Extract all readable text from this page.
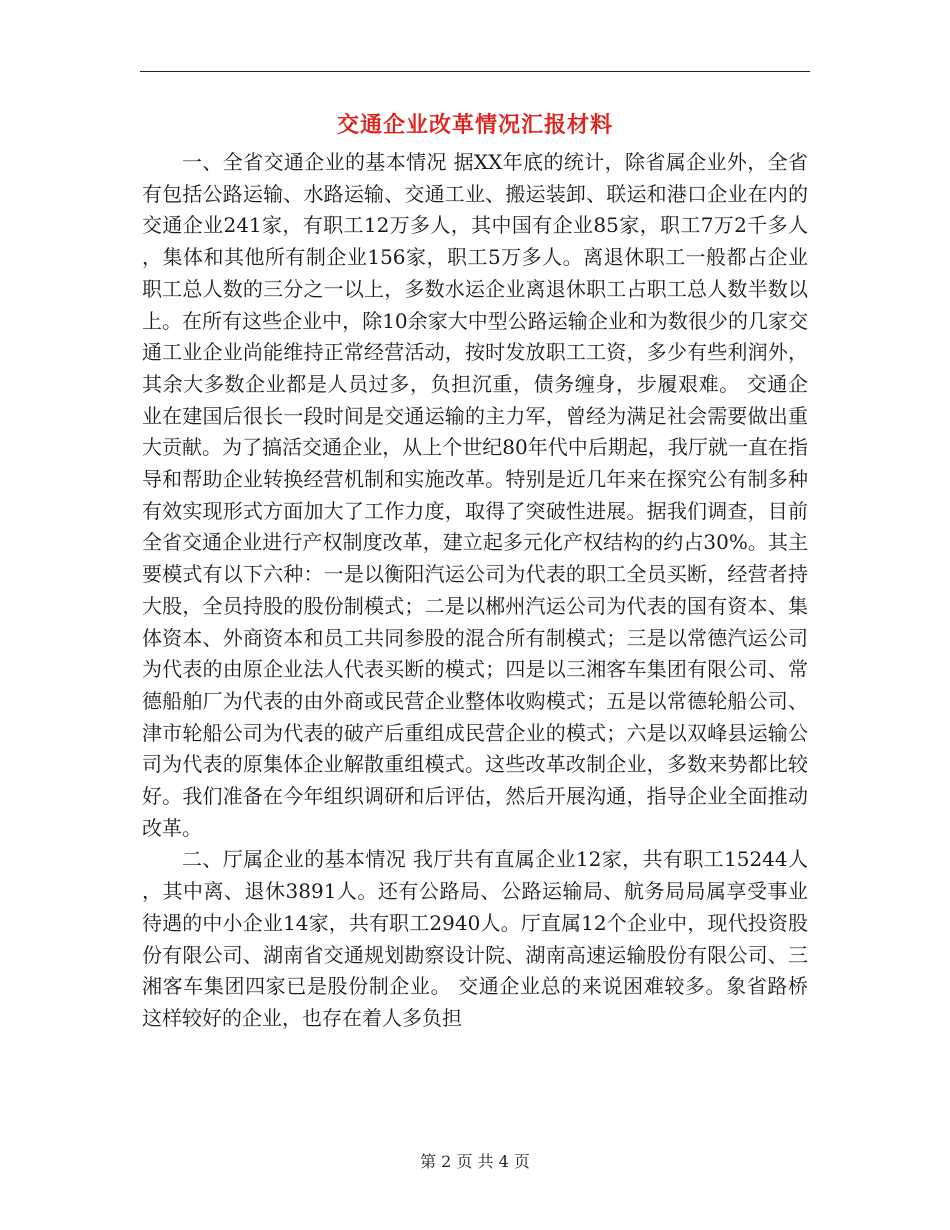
交通企业改革情况汇报材料

一、全省交通企业的基本情况 据XX年底的统计，除省属企业外，全省有包括公路运输、水路运输、交通工业、搬运装卸、联运和港口企业在内的交通企业241家，有职工12万多人，其中国有企业85家，职工7万2千多人，集体和其他所有制企业156家，职工5万多人。离退休职工一般都占企业职工总人数的三分之一以上，多数水运企业离退休职工占职工总人数半数以上。在所有这些企业中，除10余家大中型公路运输企业和为数很少的几家交通工业企业尚能维持正常经营活动，按时发放职工工资，多少有些利润外，其余大多数企业都是人员过多，负担沉重，债务缠身，步履艰难。 交通企业在建国后很长一段时间是交通运输的主力军，曾经为满足社会需要做出重大贡献。为了搞活交通企业，从上个世纪80年代中后期起，我厅就一直在指导和帮助企业转换经营机制和实施改革。特别是近几年来在探究公有制多种有效实现形式方面加大了工作力度，取得了突破性进展。据我们调查，目前全省交通企业进行产权制度改革，建立起多元化产权结构的约占30%。其主要模式有以下六种：一是以衡阳汽运公司为代表的职工全员买断，经营者持大股，全员持股的股份制模式；二是以郴州汽运公司为代表的国有资本、集体资本、外商资本和员工共同参股的混合所有制模式；三是以常德汽运公司为代表的由原企业法人代表买断的模式；四是以三湘客车集团有限公司、常德船舶厂为代表的由外商或民营企业整体收购模式；五是以常德轮船公司、津市轮船公司为代表的破产后重组成民营企业的模式；六是以双峰县运输公司为代表的原集体企业解散重组模式。这些改革改制企业，多数来势都比较好。我们准备在今年组织调研和后评估，然后开展沟通，指导企业全面推动改革。

二、厅属企业的基本情况 我厅共有直属企业12家，共有职工15244人，其中离、退休3891人。还有公路局、公路运输局、航务局局属享受事业待遇的中小企业14家，共有职工2940人。厅直属12个企业中，现代投资股份有限公司、湖南省交通规划勘察设计院、湖南高速运输股份有限公司、三湘客车集团四家已是股份制企业。 交通企业总的来说困难较多。象省路桥这样较好的企业，也存在着人多负担

第 2 页 共 4 页
